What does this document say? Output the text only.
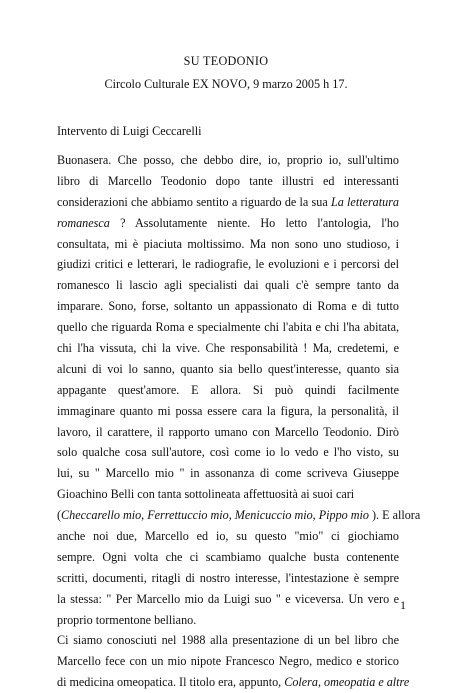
SU TEODONIO
Circolo Culturale EX NOVO, 9 marzo 2005 h 17.
Intervento di Luigi Ceccarelli
Buonasera. Che posso, che debbo dire, io, proprio io, sull'ultimo
libro di Marcello Teodonio dopo tante illustri ed interessanti
considerazioni che abbiamo sentito a riguardo de la sua La letteratura
romanesca ? Assolutamente niente. Ho letto l'antologia, l'ho
consultata, mi è piaciuta moltissimo. Ma non sono uno studioso, i
giudizi critici e letterari, le radiografie, le evoluzioni e i percorsi del
romanesco li lascio agli specialisti dai quali c'è sempre tanto da
imparare. Sono, forse, soltanto un appassionato di Roma e di tutto
quello che riguarda Roma e specialmente chi l'abita e chi l'ha abitata,
chi l'ha vissuta, chi la vive. Che responsabilità ! Ma, credetemi, e
alcuni di voi lo sanno, quanto sia bello quest'interesse, quanto sia
appagante quest'amore. E allora. Si può quindi facilmente
immaginare quanto mi possa essere cara la figura, la personalità, il
lavoro, il carattere, il rapporto umano con Marcello Teodonio. Dirò
solo qualche cosa sull'autore, così come io lo vedo e l'ho visto, su
lui, su " Marcello mio " in assonanza di come scriveva Giuseppe
Gioachino Belli con tanta sottolineata affettuosità ai suoi cari
(Checcarello mio, Ferrettuccio mio, Menicuccio mio, Pippo mio ). E allora
anche noi due, Marcello ed io, su questo "mio" ci giochiamo
sempre. Ogni volta che ci scambiamo qualche busta contenente
scritti, documenti, ritagli di nostro interesse, l'intestazione è sempre
la stessa: " Per Marcello mio da Luigi suo " e viceversa. Un vero e
proprio tormentone belliano.
Ci siamo conosciuti nel 1988 alla presentazione di un bel libro che
Marcello fece con un mio nipote Francesco Negro, medico e storico
di medicina omeopatica. Il titolo era, appunto, Colera, omeopatia e altre
1
